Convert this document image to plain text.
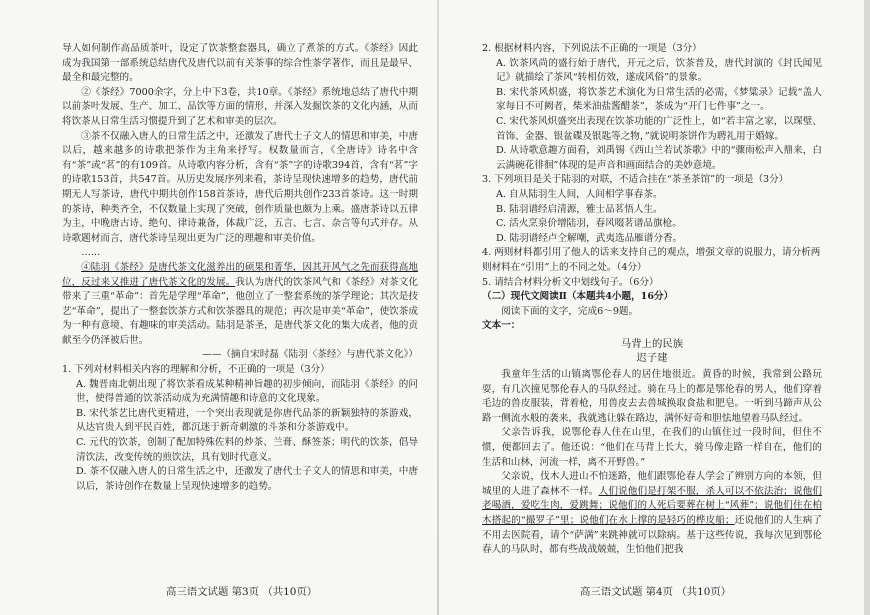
导人如何制作高品质茶叶，设定了饮茶整套器具，确立了煮茶的方式。《茶经》因此成为我国第一部系统总结唐代及唐代以前有关茶事的综合性茶学著作，而且是最早、最全和最完整的。

②《茶经》7000余字，分上中下3卷，共10章。《茶经》系统地总结了唐代中期以前茶叶发展、生产、加工、品饮等方面的情形，并深入发掘饮茶的文化内涵，从而将饮茶从日常生活习惯提升到了艺术和审美的层次。

③茶不仅融入唐人的日常生活之中，还激发了唐代士子文人的情思和审美，中唐以后，越来越多的诗歌把茶作为主角来抒写。权数量而言，《全唐诗》诗名中含有“茶”或“茗”的有109首。从诗歌内容分析，含有“茶”字的诗歌394首，含有“茗”字的诗歌153首，共547首。从历史发展序列来看，茶诗呈现快速增多的趋势，唐代前期无人写茶诗，唐代中期共创作158首茶诗，唐代后期共创作233首茶诗。这一时期的茶诗，种类齐全，不仅数量上实现了突破，创作质量也颇为上乘。盛唐茶诗以五律为主，中晚唐古诗、绝句、律诗兼备，体裁广泛，五言、七言、杂言等句式并存。从诗歌题材而言，唐代茶诗呈现出更为广泛的理趣和审美价值。

……

④陆羽《茶经》是唐代茶文化滋养出的硕果和菁华，因其开风气之先而获得高地位，反过来又推进了唐代茶文化的发展。我认为唐代的饮茶风气和《茶经》对茶文化带来了三重“革命”：首先是学理“革命”，他创立了一整套系统的茶学理论；其次是技艺“革命”，提出了一整套饮茶方式和饮茶器具的规范；再次是审美“革命”，使饮茶成为一种有意境、有趣味的审美活动。陆羽是茶圣，是唐代茶文化的集大成者，他的贡献至今仍泽被后世。

——（摘自宋时磊《陆羽〈茶经〉与唐代茶文化》）

1. 下列对材料相关内容的理解和分析，不正确的一项是（3分）

A. 魏晋南北朝出现了将饮茶看成某种精神旨趣的初步倾向，而陆羽《茶经》的问世，使得普通的饮茶活动成为充满情趣和诗意的文化现象。

B. 宋代茶艺比唐代更精进，一个突出表现就是你唐代品茶的新颖独特的茶游戏，从达官贵人到平民百姓，都沉迷于新奇刺激的斗茶和分茶游戏中。

C. 元代的饮茶，创制了配加特殊佐料的炒茶、兰膏、酥签茶；明代的饮茶，倡导清饮法，改变传统的煎饮法，具有划时代意义。

D. 茶不仅融入唐人的日常生活之中，还激发了唐代士子文人的情思和审美，中唐以后，茶诗创作在数量上呈现快速增多的趋势。

高三语文试题 第3页 （共10页）

2. 根据材料内容，下列说法不正确的一项是（3分）

A. 饮茶风尚的盛行始于唐代，开元之后，饮茶普及，唐代封演的《封氏闻见记》就描绘了茶风“转相仿效，遂成风俗”的景象。

B. 宋代茶风炽盛，将饮茶艺术演化为日常生活的必需，《梦粱录》记载“盖人家每日不可阙者，柴米油盐酱醋茶”，茶成为“开门七件事”之一。

C. 宋代茶风炽盛突出表现在饮茶功能的广泛性上，如“若丰富之家，以琛璧、首饰、金器、银盆碟及银匙等之物，”就说明茶饼作为聘礼用于婚嫁。

D. 从诗歌意趣方面看，刘禹锡《西山兰若试茶歌》中的“骤雨松声入鼎来，白云满碗花徘徊”体现的是声音和画面结合的美妙意境。

3. 下列项目是关于陆羽的对联，不适合挂在“茶圣茶馆”的一项是（3分）

A. 自从陆羽生人间，人间相学事春茶。

B. 陆羽谱经启清源，雅士品茗悟人生。

C. 活火烹泉价增陆羽，春风啜茗谱品旗枪。

D. 陆羽谱经卢仝解嘲，武夷选品雁谱分香。

4. 两则材料都引用了他人的话来支持自己的观点，增强文章的说服力，请分析两则材料在“引用”上的不同之处。（4分）

5. 请结合材料分析文中划线句子。（6分）

（二）现代文阅读Ⅱ（本题共4小题，16分）

阅读下面的文字，完成6～9题。

文本一：

马背上的民族

迟子建

我童年生活的山镇离鄂伦春人的居住地很近。黄昏的时候，我常到公路玩耍，有几次撞见鄂伦春人的马队经过。骑在马上的都是鄂伦春的男人，他们穿着毛边的兽皮服装，背着枪，用兽皮去去兽城换取食盐和肥皂。一听到马蹄声从公路一侧流水般的袭来，我就逃让躲在路边，满怀好奇和胆怯地望着马队经过。

父亲告诉我，说鄂伦春人住在山里，在我们的山镇住过一段时间，但住不惯，便都回去了。他还说：“他们在马背上长大，骑马像走路一样自在，他们的生活和山林，河流一样，离不开野兽。”

父亲说，伐木人进山不怕迷路，他们跟鄂伦春人学会了辨别方向的本领，但城里的人进了森林不一样。人们说他们是打架不服，杀人可以不依法治；说他们老喝酒，爱吃生肉，爱跳舞；说他们的人死后要葬在树上“风葬”；说他们住在柏木搭起的“撮罗子”里；说他们在水上撑的是轻巧的桦皮船；还说他们的人生病了不用去医院看，请个“萨满”来跳神就可以除病。基于这些传说，我每次见到鄂伦春人的马队时，都有些战战兢兢，生怕他们把我

高三语文试题 第4页 （共10页）
